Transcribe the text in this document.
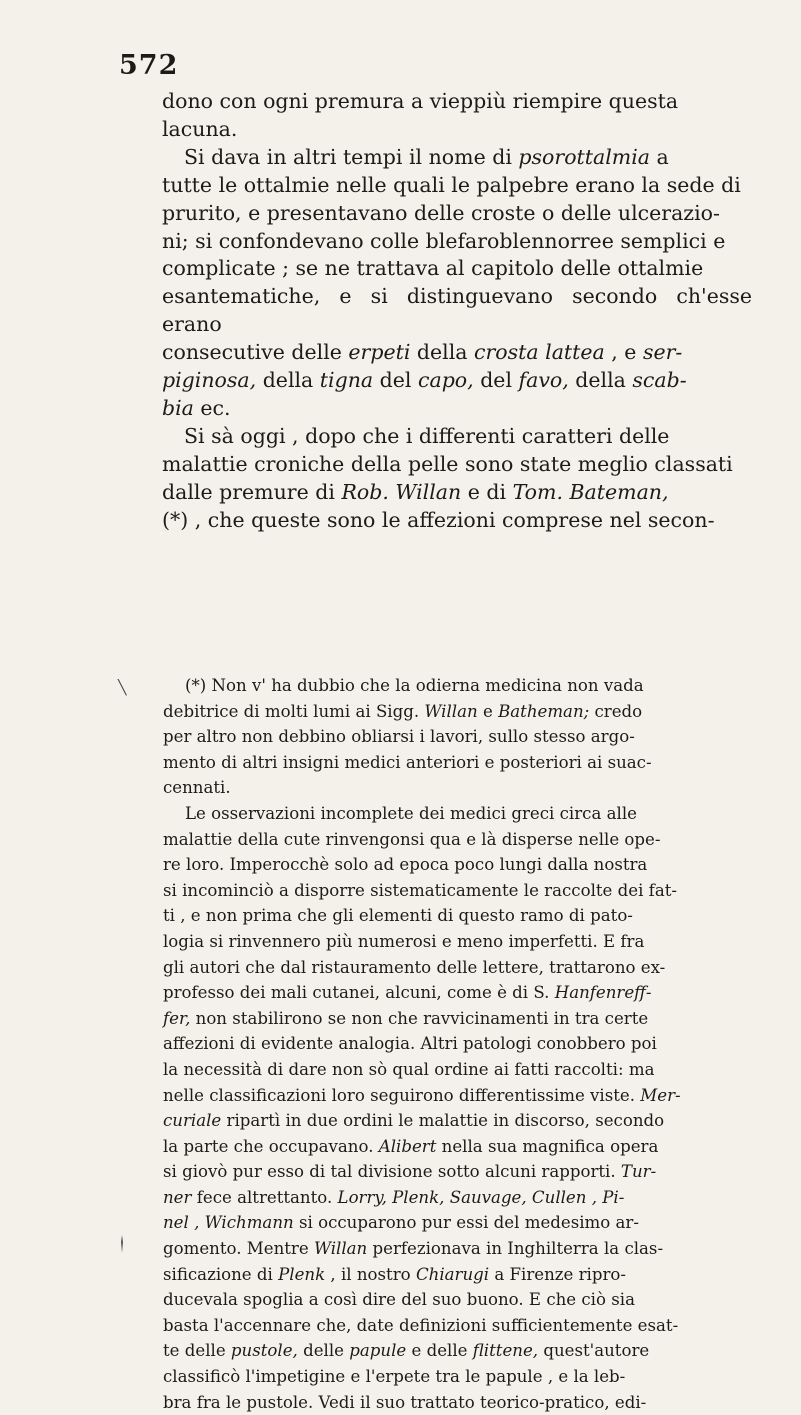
572

dono con ogni premura a vieppiù riempire questa

lacuna.

Si dava in altri tempi il nome di psorottalmia a

tutte le ottalmie nelle quali le palpebre erano la sede di

prurito, e presentavano delle croste o delle ulcerazio-

ni; si confondevano colle blefaroblennorree semplici e

complicate ; se ne trattava al capitolo delle ottalmie

esantematiche, e si distinguevano secondo ch'esse erano

consecutive delle erpeti della crosta lattea , e ser-

piginosa, della tigna del capo, del favo, della scab-

bia ec.

Si sà oggi , dopo che i differenti caratteri delle

malattie croniche della pelle sono state meglio classati

dalle premure di Rob. Willan e di Tom. Bateman,

(*) , che queste sono le affezioni comprese nel secon-

╲	(*) Non v' ha dubbio che la odierna medicina non vada

debitrice di molti lumi ai Sigg. Willan e Batheman; credo

per altro non debbino obliarsi i lavori, sullo stesso argo-

mento di altri insigni medici anteriori e posteriori ai suac-

cennati.

Le osservazioni incomplete dei medici greci circa alle

malattie della cute rinvengonsi qua e là disperse nelle ope-

re loro. Imperocchè solo ad epoca poco lungi dalla nostra

si incominciò a disporre sistematicamente le raccolte dei fat-

ti , e non prima che gli elementi di questo ramo di pato-

logia si rinvennero più numerosi e meno imperfetti. E fra

gli autori che dal ristauramento delle lettere, trattarono ex-

professo dei mali cutanei, alcuni, come è di S. Hanfenreff-

fer, non stabilirono se non che ravvicinamenti in tra certe

affezioni di evidente analogia. Altri patologi conobbero poi

la necessità di dare non sò qual ordine ai fatti raccolti: ma

nelle classificazioni loro seguirono differentissime viste. Mer-

curiale ripartì in due ordini le malattie in discorso, secondo

la parte che occupavano. Alibert nella sua magnifica opera

si giovò pur esso di tal divisione sotto alcuni rapporti. Tur-

ner fece altrettanto. Lorry, Plenk, Sauvage, Cullen , Pi-

nel , Wichmann si occuparono pur essi del medesimo ar-

gomento. Mentre Willan perfezionava in Inghilterra la clas-

sificazione di Plenk , il nostro Chiarugi a Firenze ripro-

ducevala spoglia a così dire del suo buono. E che ciò sia

basta l'accennare che, date definizioni sufficientemente esat-

te delle pustole, delle papule e delle flittene, quest'autore

classificò l'impetigine e l'erpete tra le papule , e la leb-

bra fra le pustole. Vedi il suo trattato teorico-pratico, edi-
